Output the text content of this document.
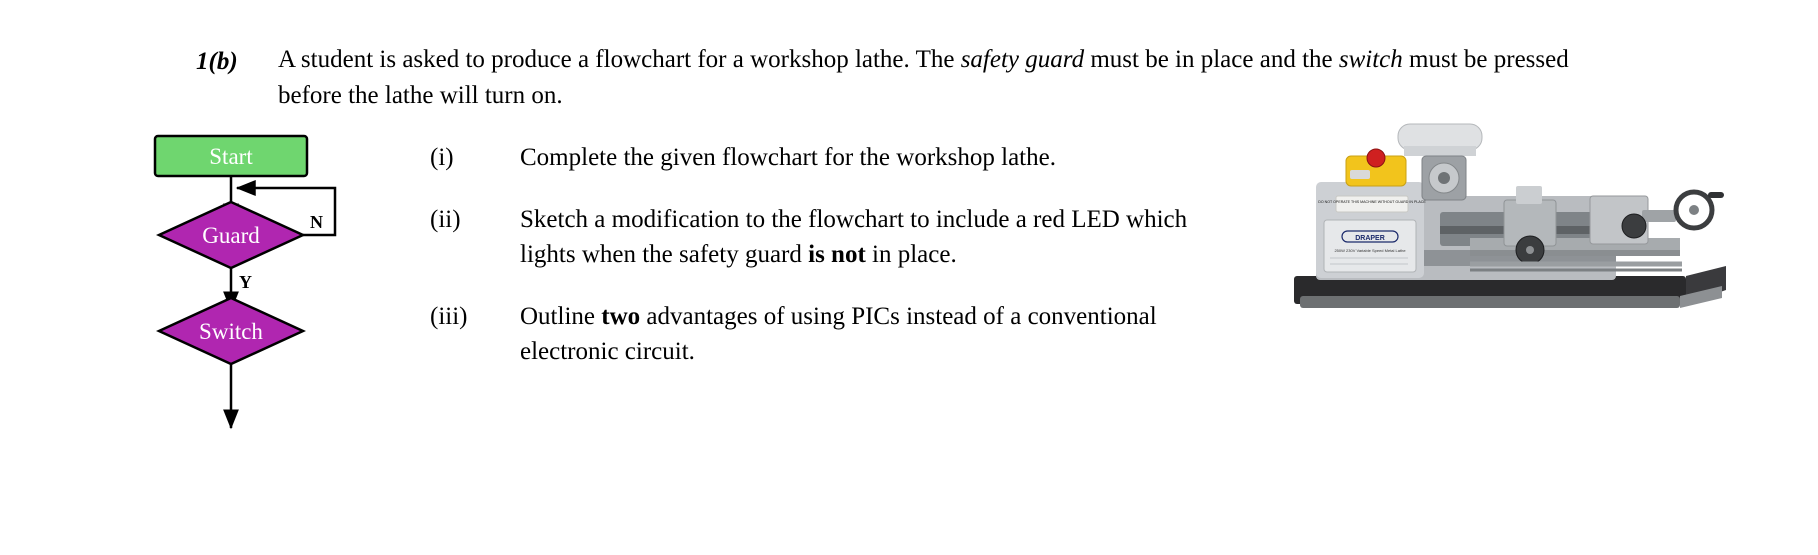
1(b) A student is asked to produce a flowchart for a workshop lathe. The safety guard must be in place and the switch must be pressed before the lathe will turn on.
Start
Guard
N
Y
Switch
(i)	Complete the given flowchart for the workshop lathe.
(ii)	Sketch a modification to the flowchart to include a red LED which lights when the safety guard is not in place.
(iii)	Outline two advantages of using PICs instead of a conventional electronic circuit.
DRAPER
250W 230V Variable Speed Metal Lathe
DO NOT OPERATE THIS MACHINE WITHOUT GUARD IN PLACE
